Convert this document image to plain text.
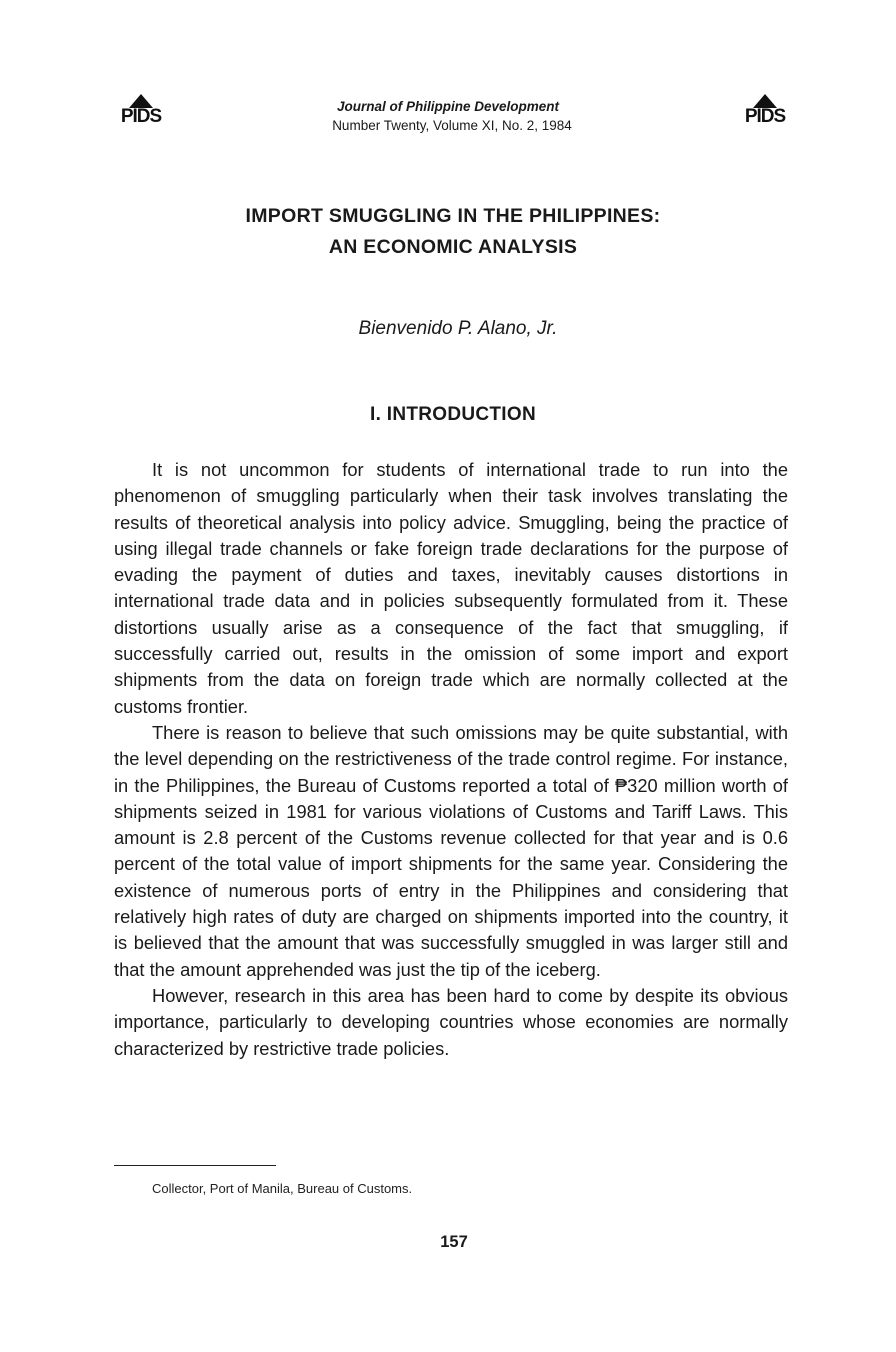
PIDS	Journal of Philippine Development
Number Twenty, Volume XI, No. 2, 1984	PIDS
IMPORT SMUGGLING IN THE PHILIPPINES:
AN ECONOMIC ANALYSIS
Bienvenido P. Alano, Jr.
I. INTRODUCTION

It is not uncommon for students of international trade to run into the phenomenon of smuggling particularly when their task involves translating the results of theoretical analysis into policy advice. Smuggling, being the practice of using illegal trade channels or fake foreign trade declarations for the purpose of evading the payment of duties and taxes, inevitably causes distortions in international trade data and in policies subsequently formulated from it. These distortions usually arise as a consequence of the fact that smuggling, if successfully carried out, results in the omission of some import and export shipments from the data on foreign trade which are normally collected at the customs frontier.

There is reason to believe that such omissions may be quite substantial, with the level depending on the restrictiveness of the trade control regime. For instance, in the Philippines, the Bureau of Customs reported a total of ₱320 million worth of shipments seized in 1981 for various violations of Customs and Tariff Laws. This amount is 2.8 percent of the Customs revenue collected for that year and is 0.6 percent of the total value of import shipments for the same year. Considering the existence of numerous ports of entry in the Philippines and considering that relatively high rates of duty are charged on shipments imported into the country, it is believed that the amount that was successfully smuggled in was larger still and that the amount apprehended was just the tip of the iceberg.

However, research in this area has been hard to come by despite its obvious importance, particularly to developing countries whose economies are normally characterized by restrictive trade policies.

Collector, Port of Manila, Bureau of Customs.
157
